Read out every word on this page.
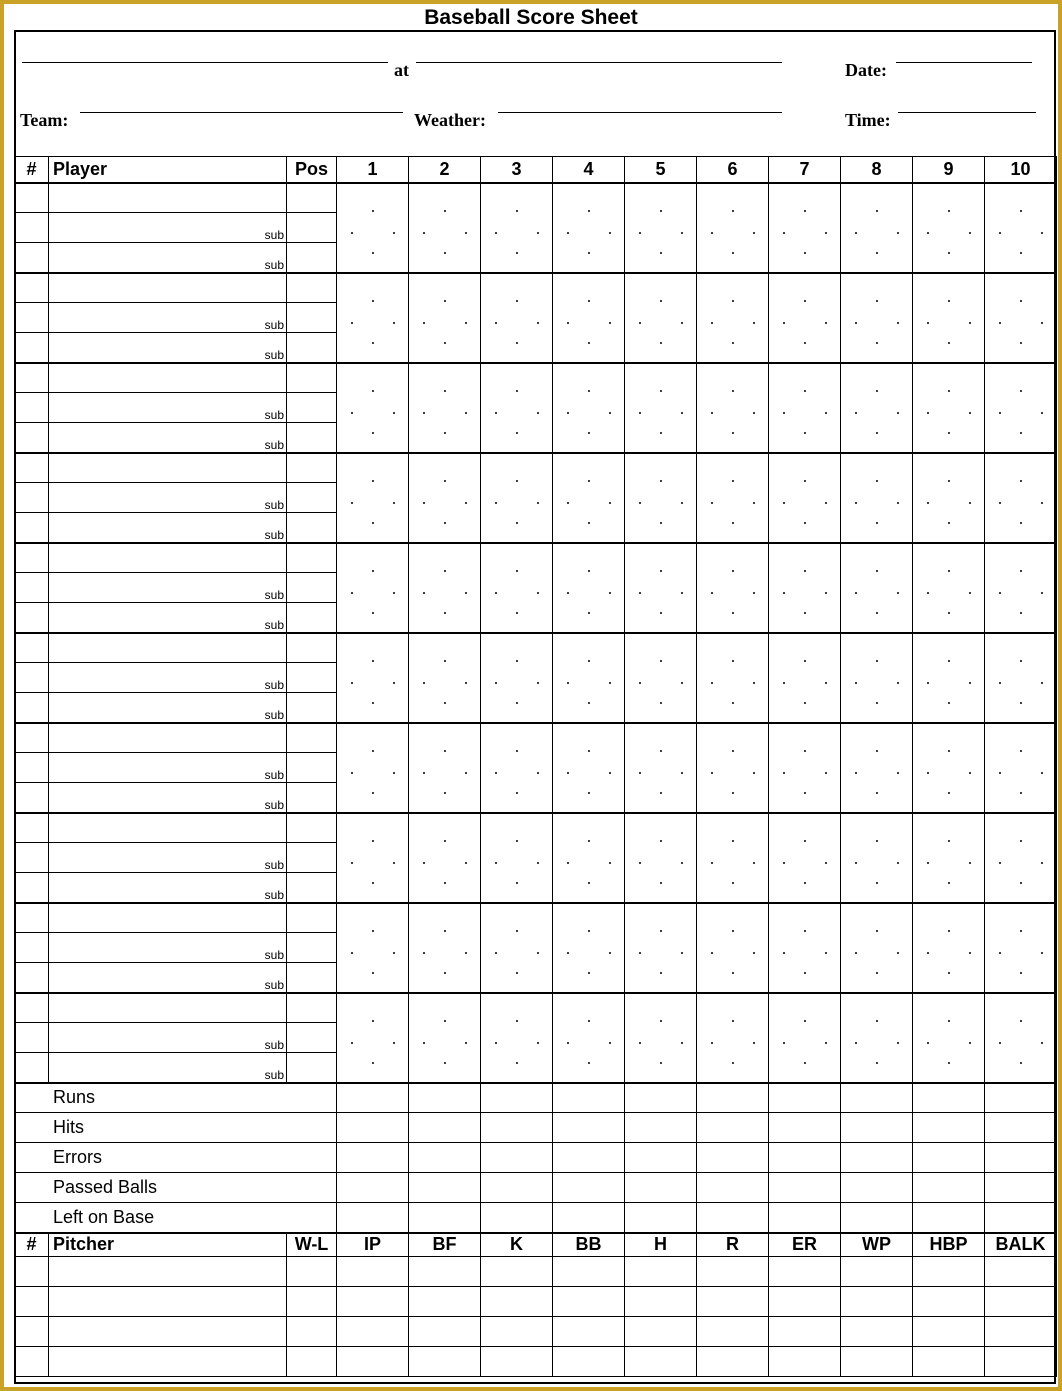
Baseball Score Sheet
at	Date:
Team:	Weather:	Time:
#	Player	Pos	1	2	3	4	5	6	7	8	9	10

	sub											
	sub											

	sub											
	sub											

	sub											
	sub											

	sub											
	sub											

	sub											
	sub											

	sub											
	sub											

	sub											
	sub											

	sub											
	sub											

	sub											
	sub											

	sub											
	sub											
Runs												
Hits												
Errors												
Passed Balls												
Left on Base												
#	Pitcher	W-L	IP	BF	K	BB	H	R	ER	WP	HBP	BALK
